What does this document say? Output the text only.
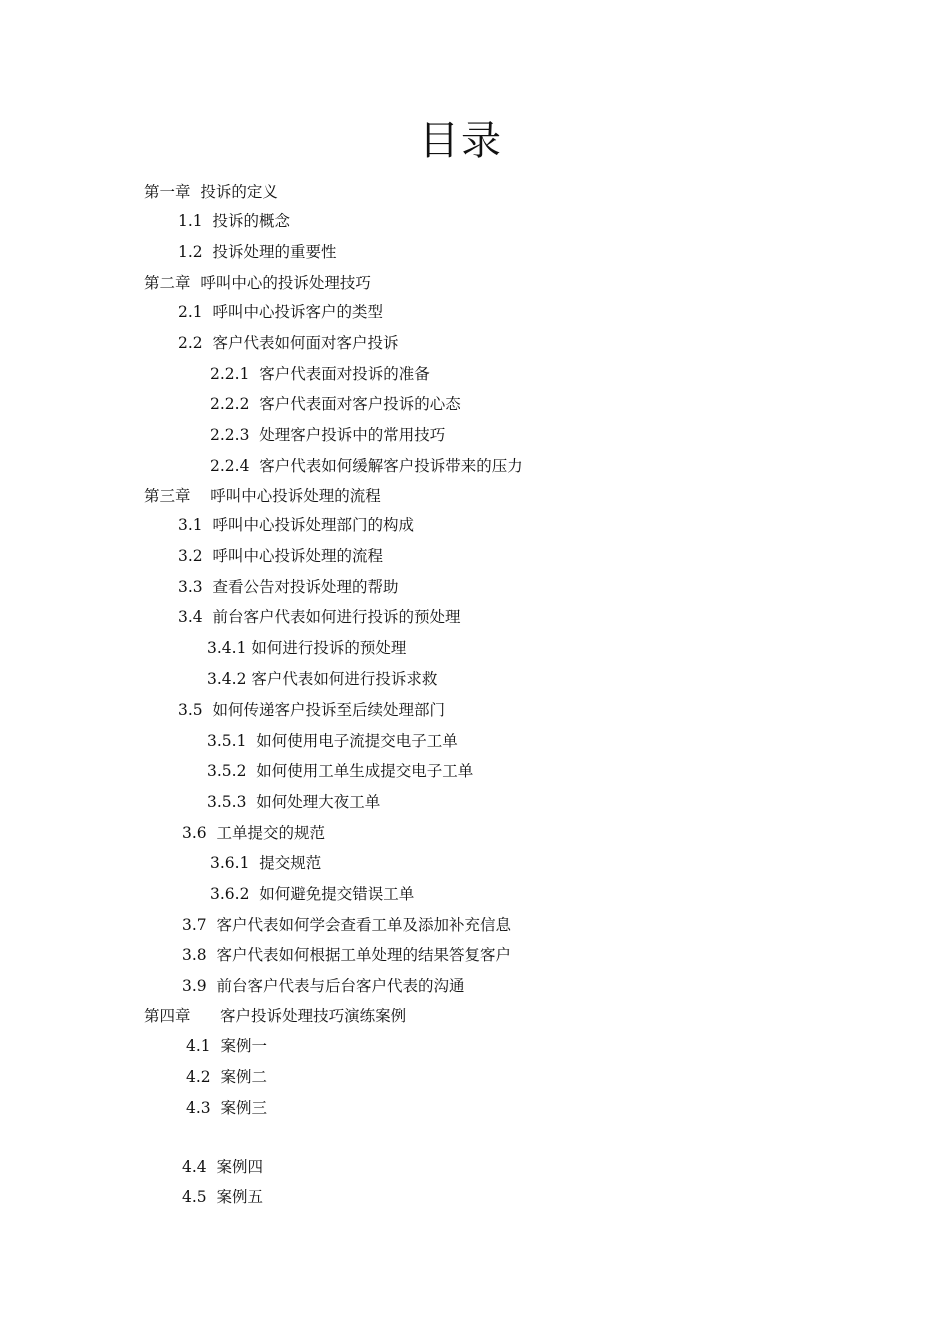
目录
第一章  投诉的定义
1.1  投诉的概念
1.2  投诉处理的重要性
第二章  呼叫中心的投诉处理技巧
2.1  呼叫中心投诉客户的类型
2.2  客户代表如何面对客户投诉
2.2.1  客户代表面对投诉的准备
2.2.2  客户代表面对客户投诉的心态
2.2.3  处理客户投诉中的常用技巧
2.2.4  客户代表如何缓解客户投诉带来的压力
第三章    呼叫中心投诉处理的流程
3.1  呼叫中心投诉处理部门的构成
3.2  呼叫中心投诉处理的流程
3.3  查看公告对投诉处理的帮助
3.4  前台客户代表如何进行投诉的预处理
3.4.1 如何进行投诉的预处理
3.4.2 客户代表如何进行投诉求救
3.5  如何传递客户投诉至后续处理部门
3.5.1  如何使用电子流提交电子工单
3.5.2  如何使用工单生成提交电子工单
3.5.3  如何处理大夜工单
3.6  工单提交的规范
3.6.1  提交规范
3.6.2  如何避免提交错误工单
3.7  客户代表如何学会查看工单及添加补充信息
3.8  客户代表如何根据工单处理的结果答复客户
3.9  前台客户代表与后台客户代表的沟通
第四章      客户投诉处理技巧演练案例
4.1  案例一
4.2  案例二
4.3  案例三
4.4  案例四
4.5  案例五
